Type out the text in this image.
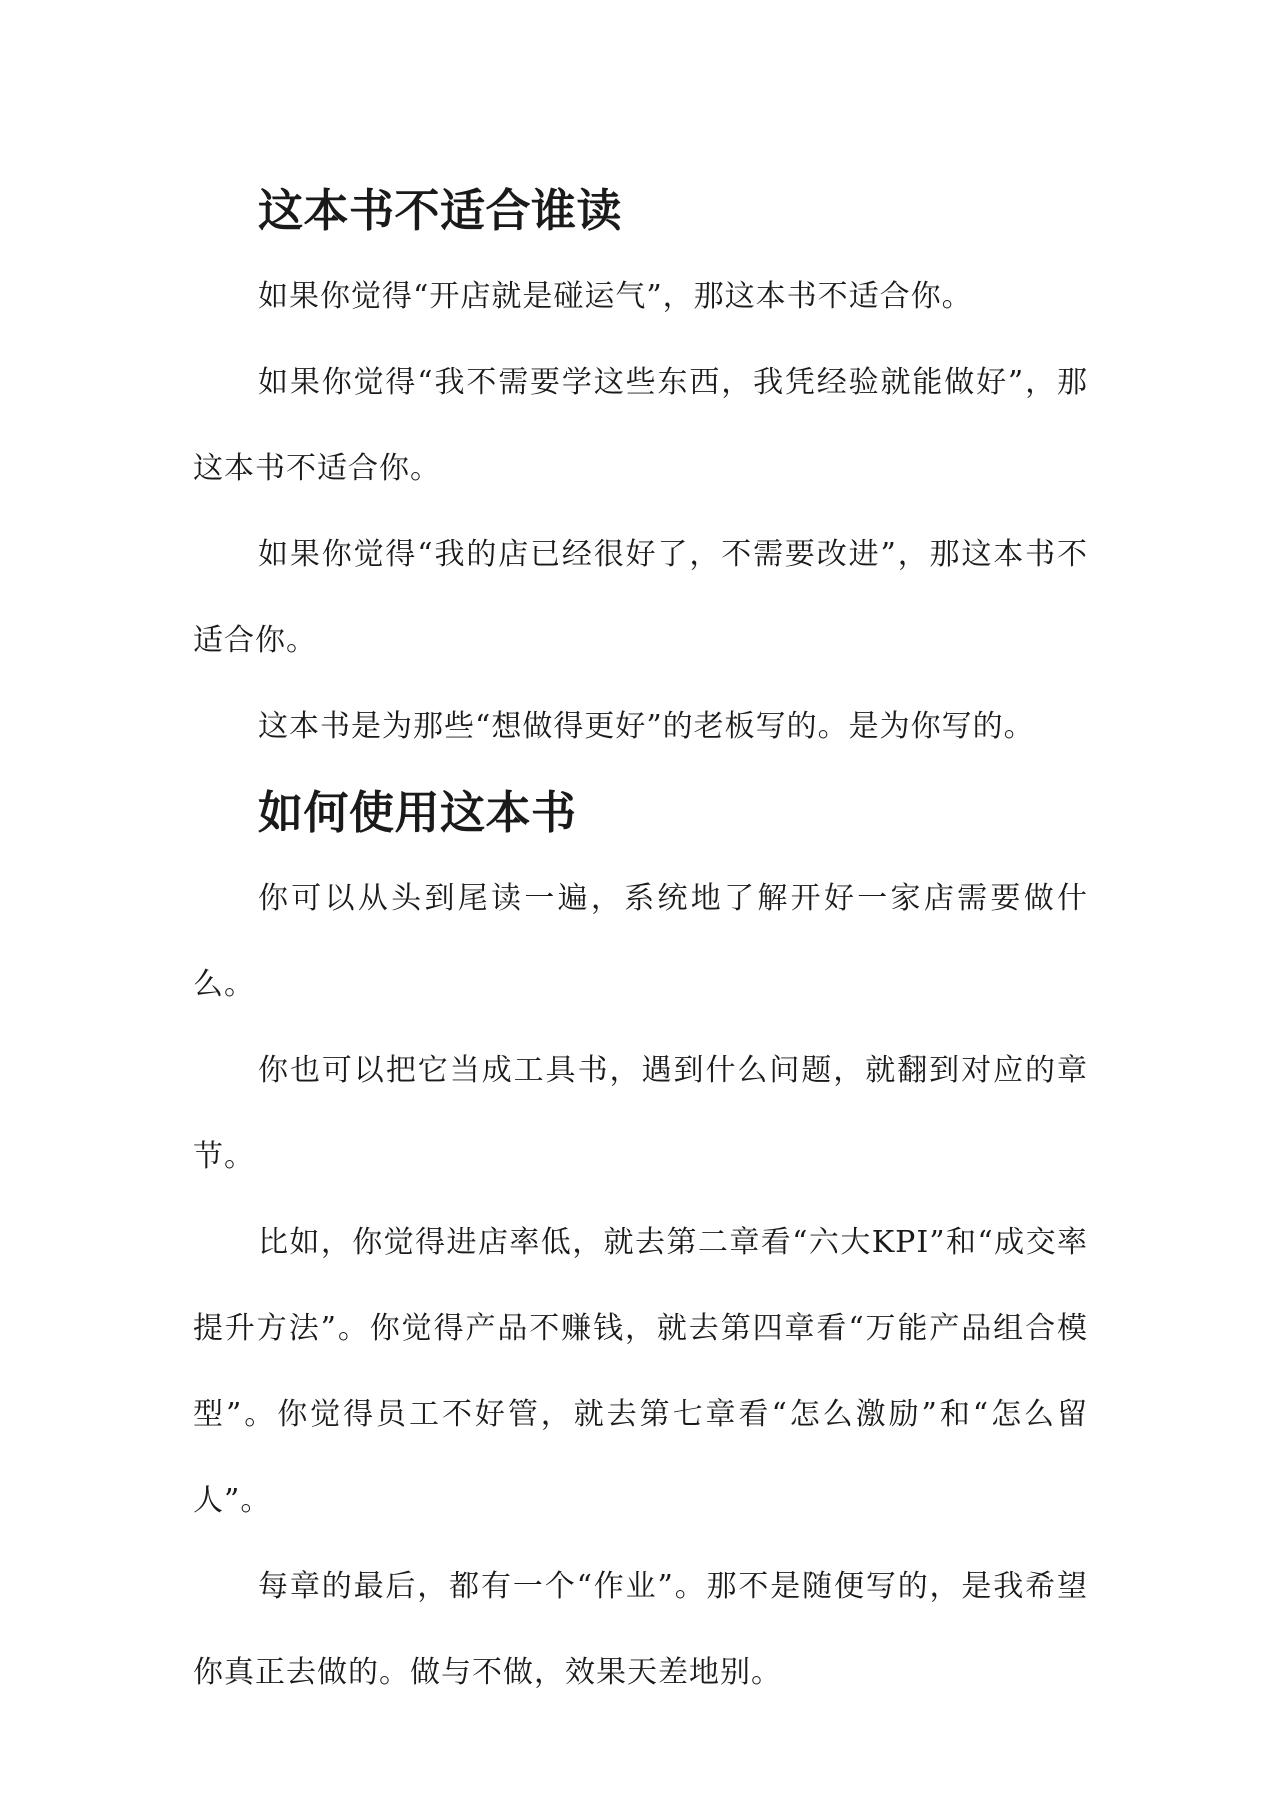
这本书不适合谁读

如果你觉得“开店就是碰运气”，那这本书不适合你。

如果你觉得“我不需要学这些东西，我凭经验就能做好”，那这本书不适合你。

如果你觉得“我的店已经很好了，不需要改进”，那这本书不适合你。

这本书是为那些“想做得更好”的老板写的。是为你写的。

如何使用这本书

你可以从头到尾读一遍，系统地了解开好一家店需要做什么。

你也可以把它当成工具书，遇到什么问题，就翻到对应的章节。

比如，你觉得进店率低，就去第二章看“六大KPI”和“成交率提升方法”。你觉得产品不赚钱，就去第四章看“万能产品组合模型”。你觉得员工不好管，就去第七章看“怎么激励”和“怎么留人”。

每章的最后，都有一个“作业”。那不是随便写的，是我希望你真正去做的。做与不做，效果天差地别。
